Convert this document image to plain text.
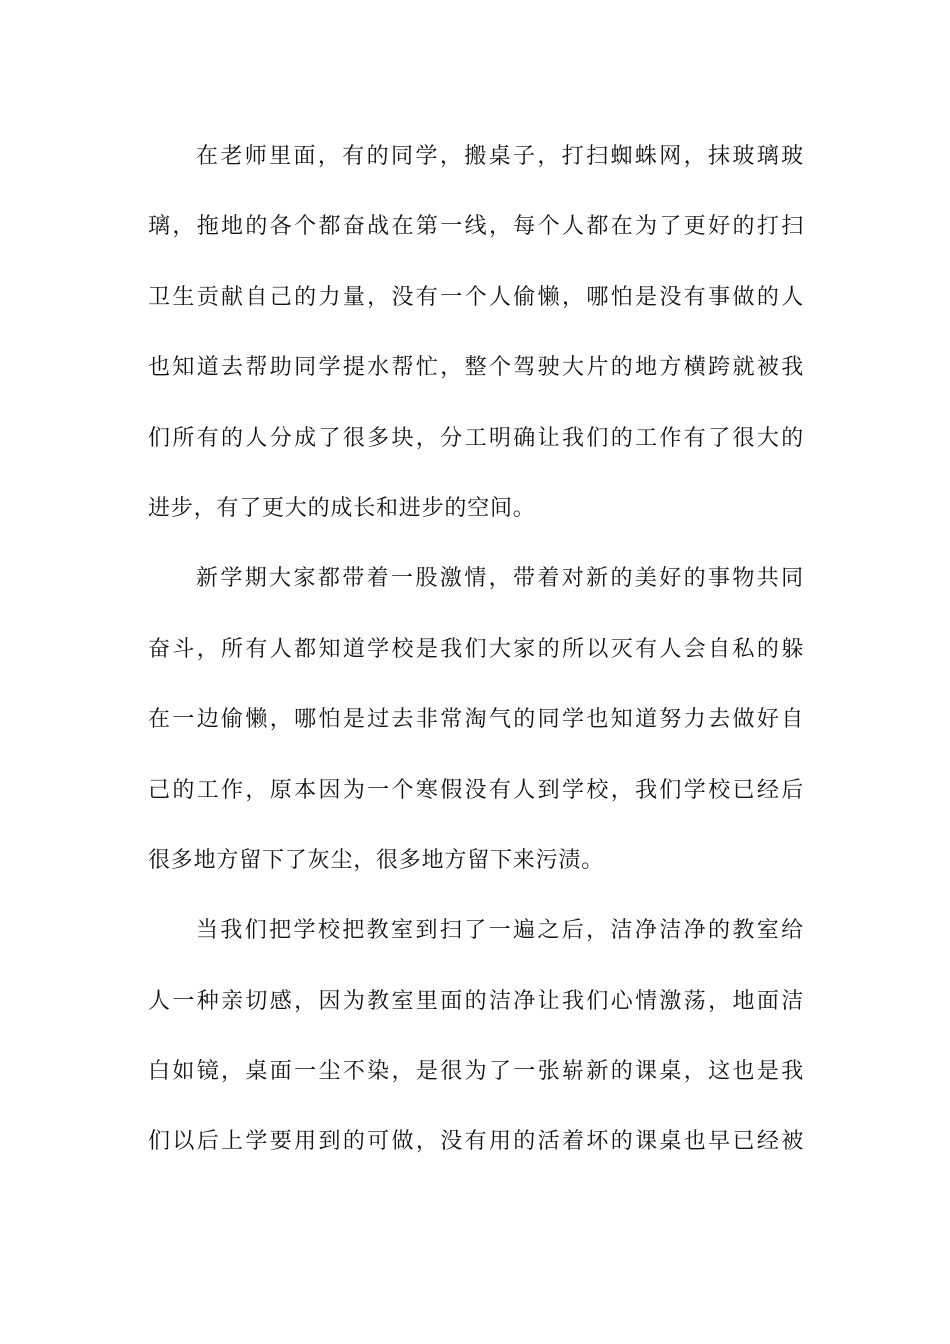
在老师里面，有的同学，搬桌子，打扫蜘蛛网，抹玻璃玻
璃，拖地的各个都奋战在第一线，每个人都在为了更好的打扫
卫生贡献自己的力量，没有一个人偷懒，哪怕是没有事做的人
也知道去帮助同学提水帮忙，整个驾驶大片的地方横跨就被我
们所有的人分成了很多块，分工明确让我们的工作有了很大的
进步，有了更大的成长和进步的空间。
新学期大家都带着一股激情，带着对新的美好的事物共同
奋斗，所有人都知道学校是我们大家的所以灭有人会自私的躲
在一边偷懒，哪怕是过去非常淘气的同学也知道努力去做好自
己的工作，原本因为一个寒假没有人到学校，我们学校已经后
很多地方留下了灰尘，很多地方留下来污渍。
当我们把学校把教室到扫了一遍之后，洁净洁净的教室给
人一种亲切感，因为教室里面的洁净让我们心情激荡，地面洁
白如镜，桌面一尘不染，是很为了一张崭新的课桌，这也是我
们以后上学要用到的可做，没有用的活着坏的课桌也早已经被
